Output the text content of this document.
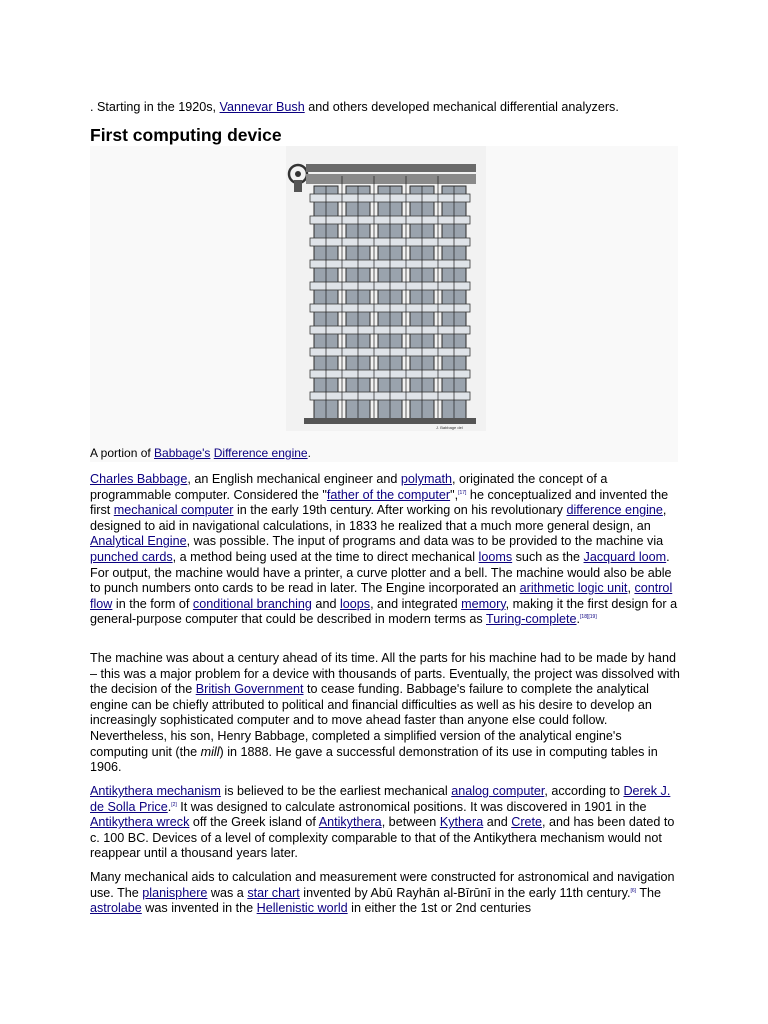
. Starting in the 1920s, Vannevar Bush and others developed mechanical differential analyzers.

First computing device
J. Babbage del
A portion of Babbage's Difference engine.

Charles Babbage, an English mechanical engineer and polymath, originated the concept of a programmable computer. Considered the "father of the computer",[17] he conceptualized and invented the first mechanical computer in the early 19th century. After working on his revolutionary difference engine, designed to aid in navigational calculations, in 1833 he realized that a much more general design, an Analytical Engine, was possible. The input of programs and data was to be provided to the machine via punched cards, a method being used at the time to direct mechanical looms such as the Jacquard loom. For output, the machine would have a printer, a curve plotter and a bell. The machine would also be able to punch numbers onto cards to be read in later. The Engine incorporated an arithmetic logic unit, control flow in the form of conditional branching and loops, and integrated memory, making it the first design for a general-purpose computer that could be described in modern terms as Turing-complete.[18][19]

The machine was about a century ahead of its time. All the parts for his machine had to be made by hand – this was a major problem for a device with thousands of parts. Eventually, the project was dissolved with the decision of the British Government to cease funding. Babbage's failure to complete the analytical engine can be chiefly attributed to political and financial difficulties as well as his desire to develop an increasingly sophisticated computer and to move ahead faster than anyone else could follow. Nevertheless, his son, Henry Babbage, completed a simplified version of the analytical engine's computing unit (the mill) in 1888. He gave a successful demonstration of its use in computing tables in 1906.

Antikythera mechanism is believed to be the earliest mechanical analog computer, according to Derek J. de Solla Price.[2] It was designed to calculate astronomical positions. It was discovered in 1901 in the Antikythera wreck off the Greek island of Antikythera, between Kythera and Crete, and has been dated to c. 100 BC. Devices of a level of complexity comparable to that of the Antikythera mechanism would not reappear until a thousand years later.

Many mechanical aids to calculation and measurement were constructed for astronomical and navigation use. The planisphere was a star chart invented by Abū Rayhān al-Bīrūnī in the early 11th century.[6] The astrolabe was invented in the Hellenistic world in either the 1st or 2nd centuries
